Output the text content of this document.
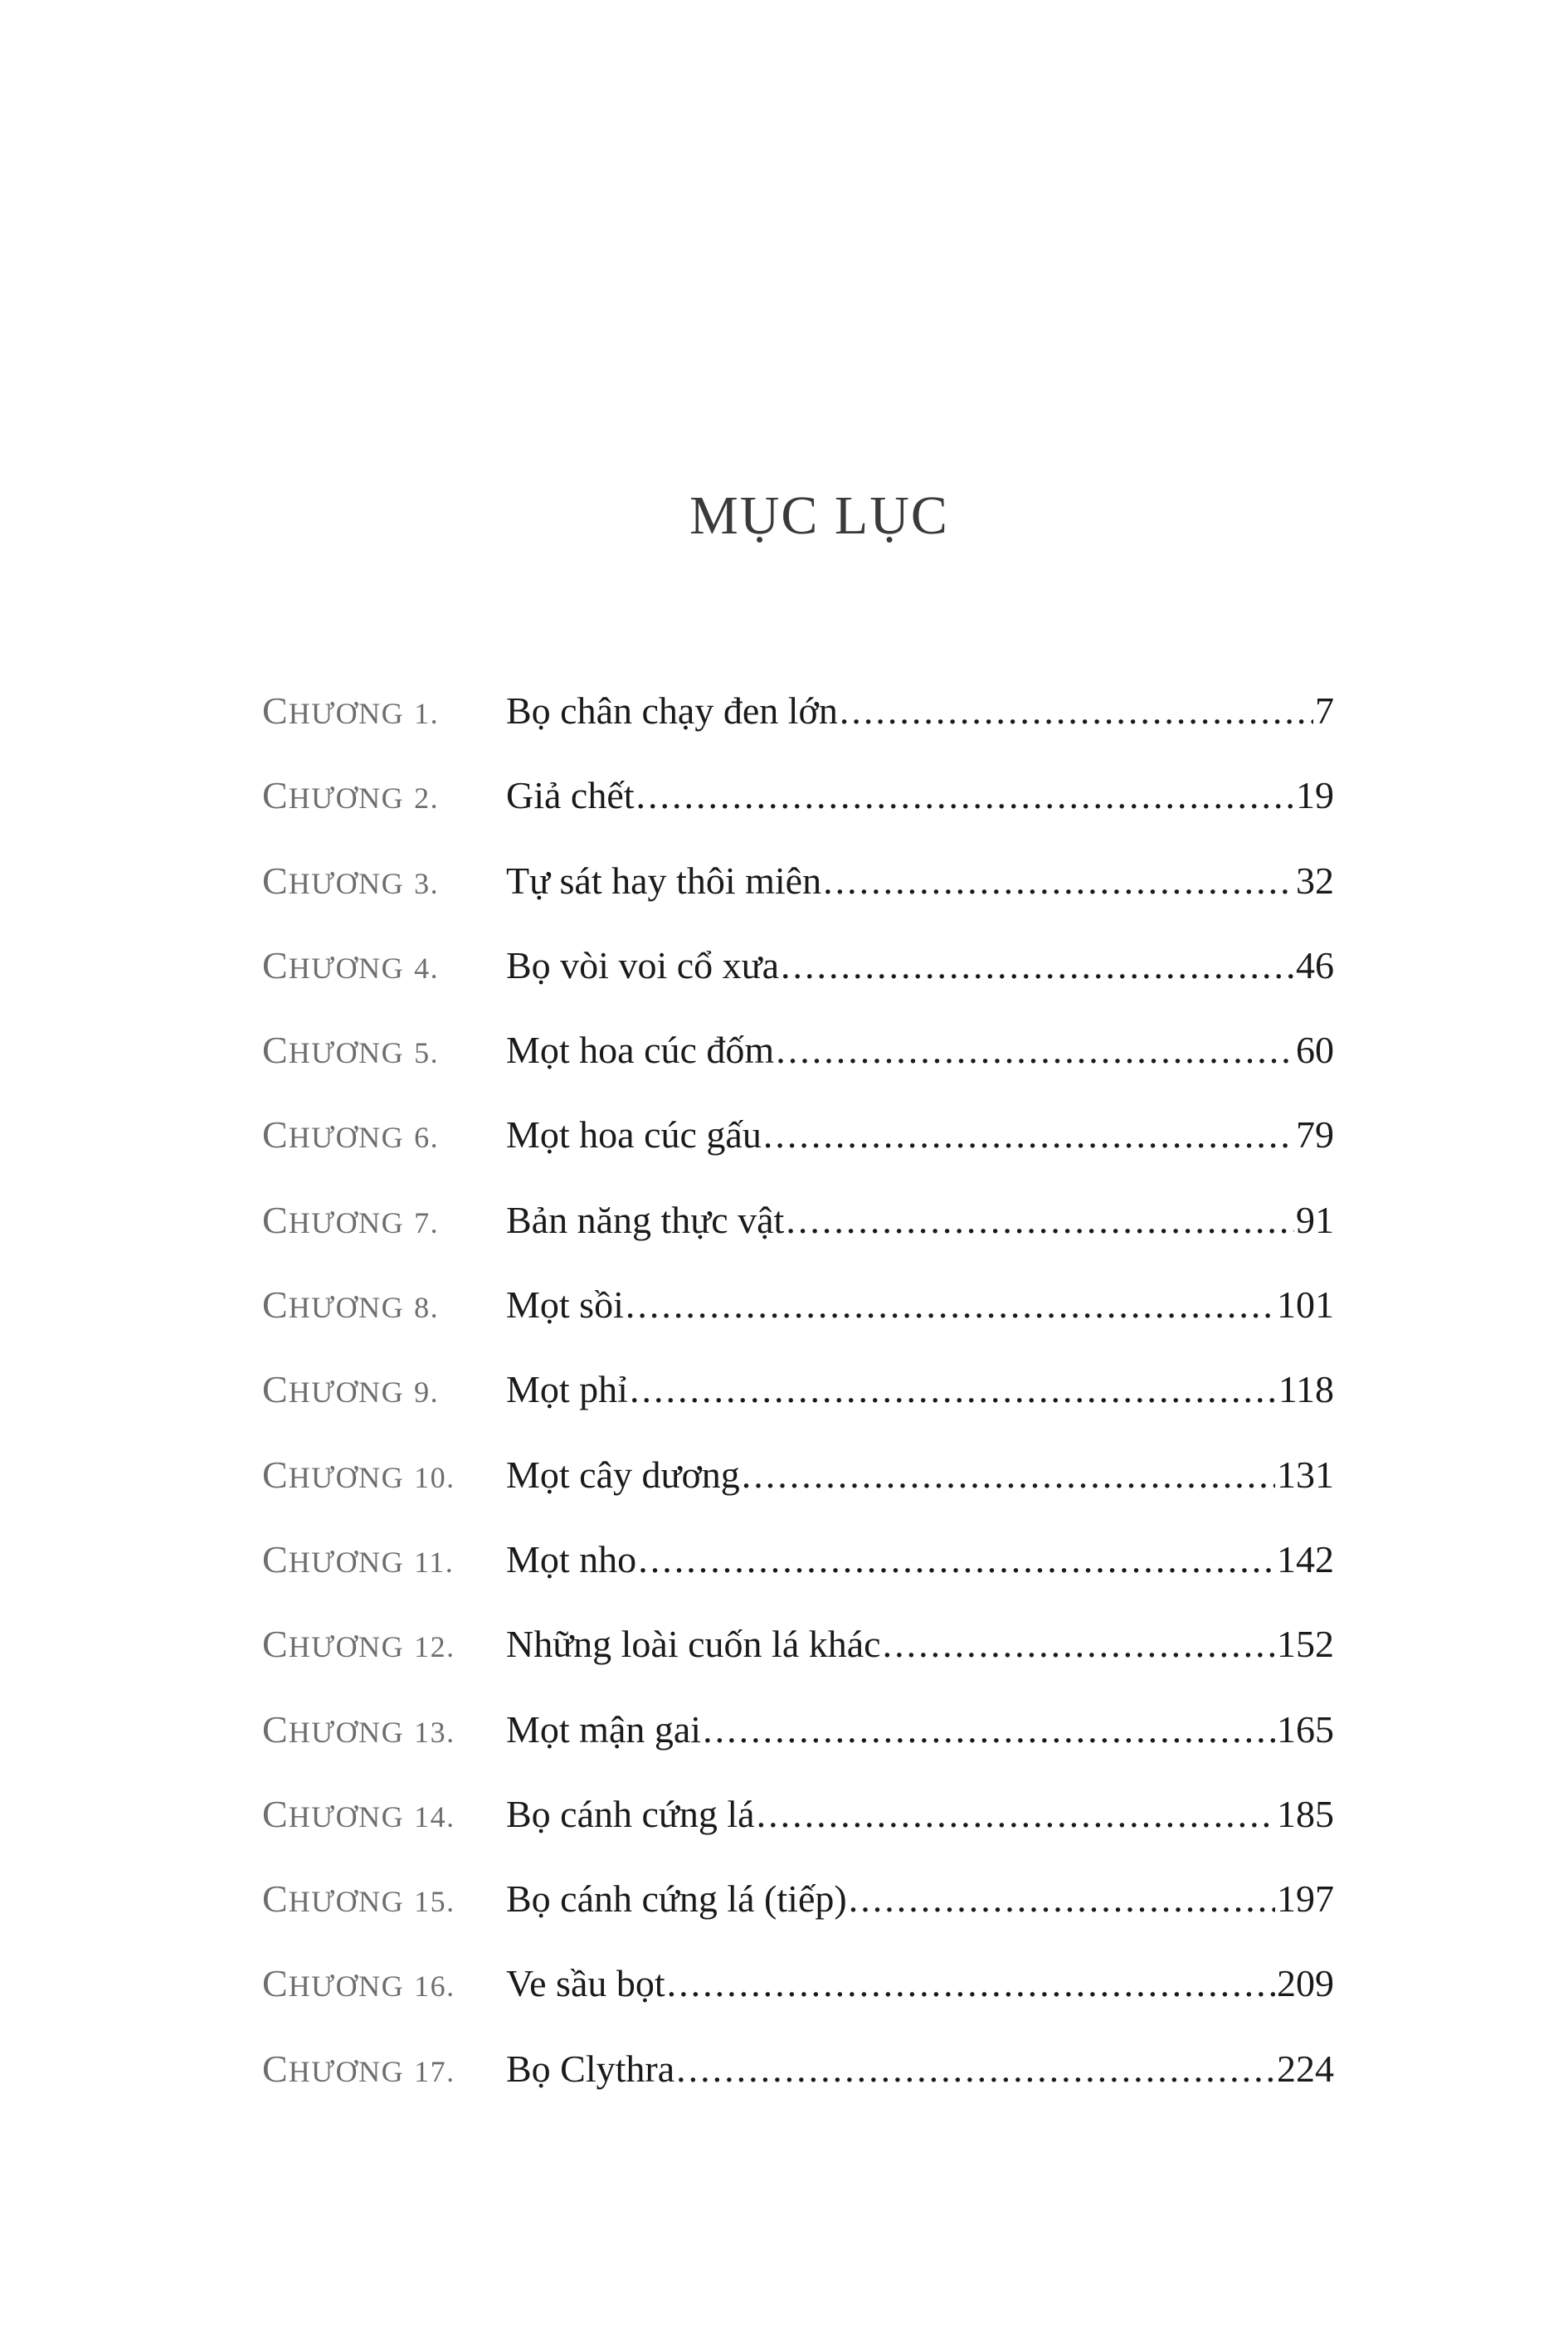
MỤC LỤC
CHƯƠNG 1.	Bọ chân chạy đen lớn .....	7
CHƯƠNG 2.	Giả chết .....	19
CHƯƠNG 3.	Tự sát hay thôi miên .....	32
CHƯƠNG 4.	Bọ vòi voi cổ xưa .....	46
CHƯƠNG 5.	Mọt hoa cúc đốm .....	60
CHƯƠNG 6.	Mọt hoa cúc gấu .....	79
CHƯƠNG 7.	Bản năng thực vật .....	91
CHƯƠNG 8.	Mọt sồi .....	101
CHƯƠNG 9.	Mọt phỉ .....	118
CHƯƠNG 10.	Mọt cây dương .....	131
CHƯƠNG 11.	Mọt nho .....	142
CHƯƠNG 12.	Những loài cuốn lá khác .....	152
CHƯƠNG 13.	Mọt mận gai .....	165
CHƯƠNG 14.	Bọ cánh cứng lá .....	185
CHƯƠNG 15.	Bọ cánh cứng lá (tiếp) .....	197
CHƯƠNG 16.	Ve sầu bọt .....	209
CHƯƠNG 17.	Bọ Clythra .....	224
